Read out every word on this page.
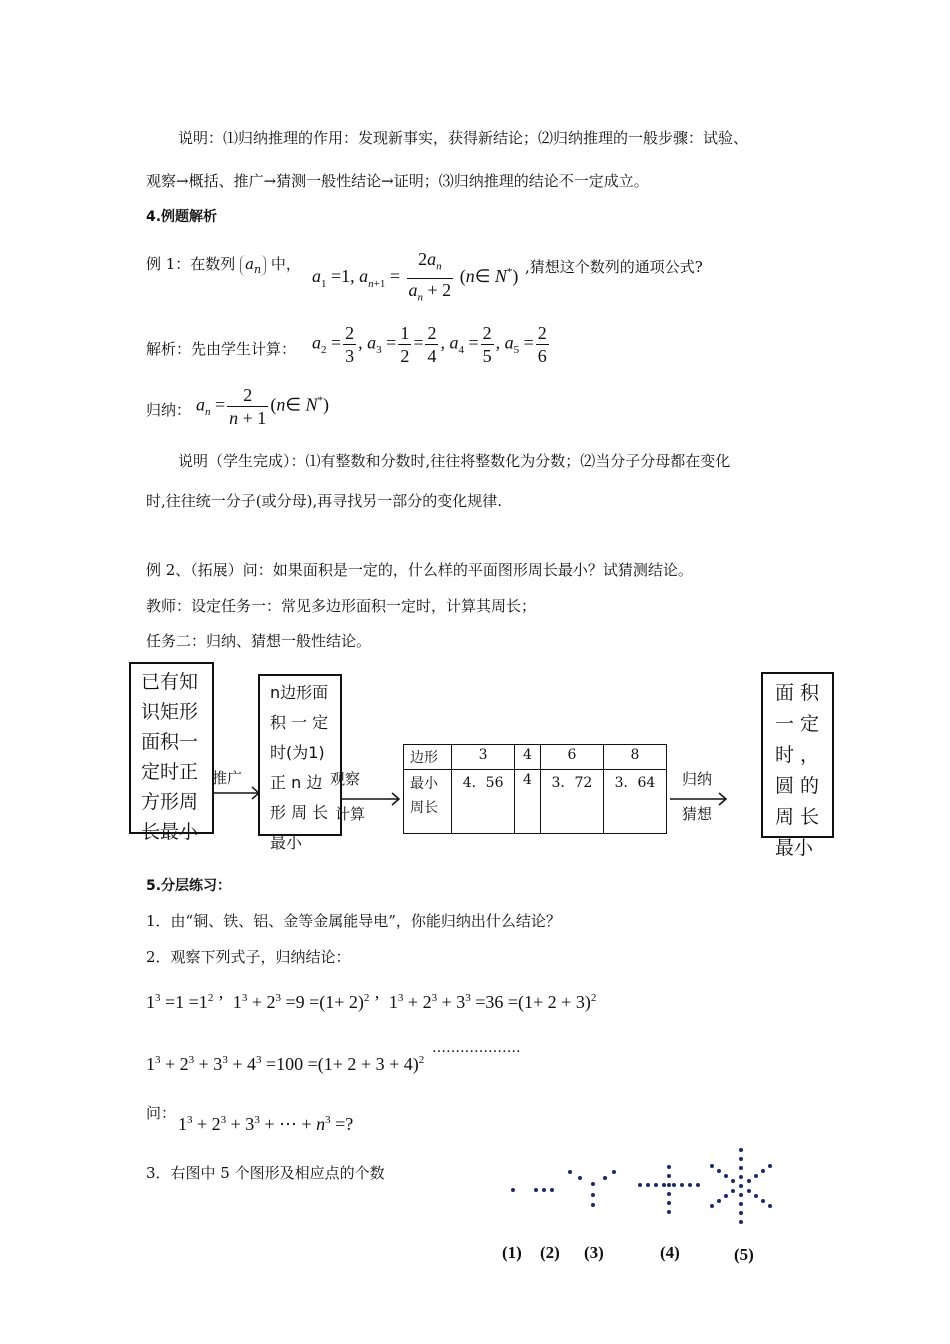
说明：⑴归纳推理的作用：发现新事实，获得新结论；⑵归纳推理的一般步骤：试验、
观察→概括、推广→猜测一般性结论→证明；⑶归纳推理的结论不一定成立。
4.例题解析
例 1：在数列 $a_n$ 中，
$a_1 =1$, $a_{n+1} = \frac{2a_n}{a_n + 2}$ (n∈ N*) ,猜想这个数列的通项公式?
解析：先由学生计算： $a_2 = \frac{2}{3}$ , $a_3 = \frac{1}{2} = \frac{2}{4}$ , $a_4 = \frac{2}{5}$ , $a_5 = \frac{2}{6}$
归纳： $a_n = \frac{2}{n + 1}$ (n∈ N*)
说明（学生完成）：⑴有整数和分数时,往往将整数化为分数；⑵当分子分母都在变化
时,往往统一分子(或分母),再寻找另一部分的变化规律.
例 2、（拓展）问：如果面积是一定的，什么样的平面图形周长最小？试猜测结论。
教师：设定任务一：常见多边形面积一定时，计算其周长；
任务二：归纳、猜想一般性结论。
已有知
识矩形
面积一
定时正
方形周
长最小
推广
n边形面
积 一 定
时(为1)
正 n 边
形 周 长
最小
观察
计算
边形	3	4	6	8
最小
周长	4．56	4	3．72	3．64 归纳
猜想
面 积
一 定
时 ，
圆 的
周 长
最小
5.分层练习：
1．由“铜、铁、铝、金等金属能导电”，你能归纳出什么结论？
2．观察下列式子，归纳结论：
$1^3 =1 =1^2$ ’  $1^3 + 2^3 =9 =(1+ 2)^2$ ’  $1^3 + 2^3 + 3^3 =36 =(1+ 2 + 3)^2$
$1^3 + 2^3 + 3^3 + 4^3 =100 =(1+ 2 + 3 + 4)^2$
……………….
问：
$1^3 + 2^3 + 3^3$ + ⋯ + $n^3$ =?
3．右图中 5 个图形及相应点的个数
(1) (2) (3)	(4)	(5)
